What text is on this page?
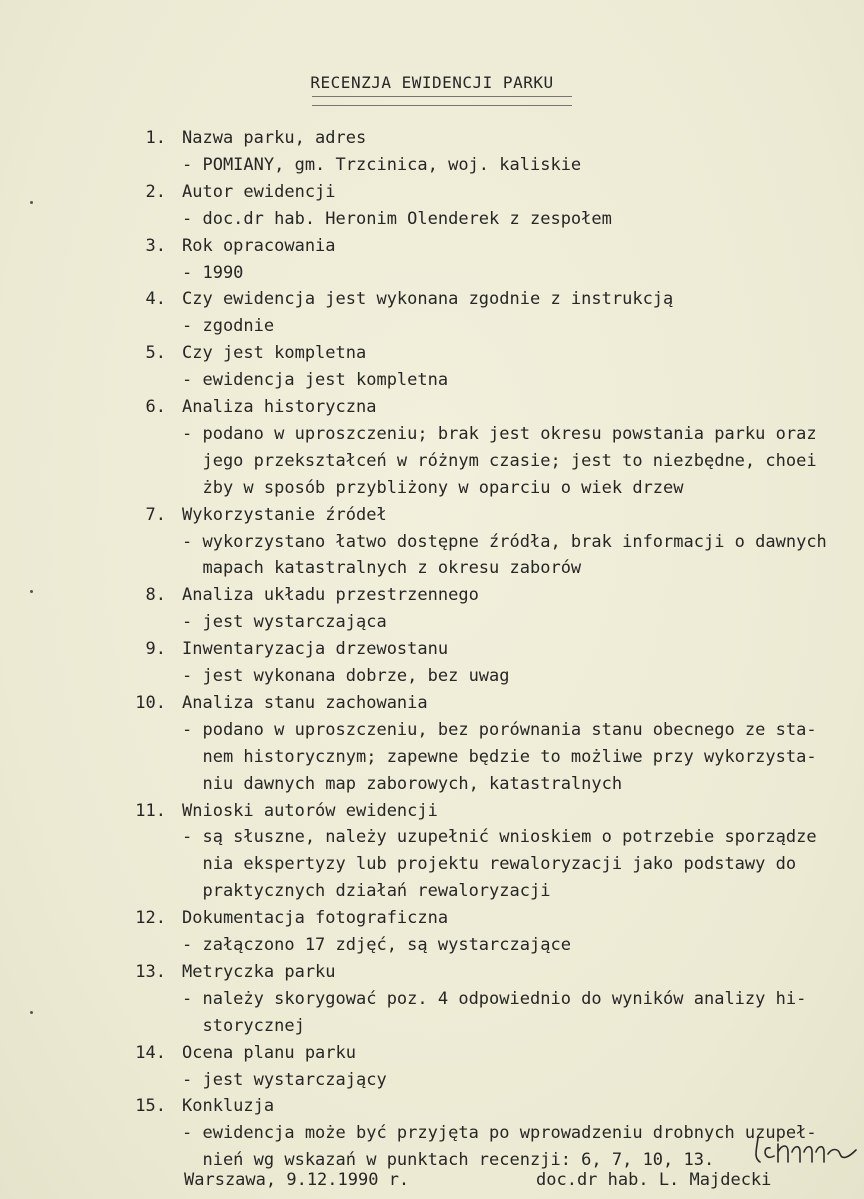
RECENZJA EWIDENCJI PARKU
1. Nazwa parku, adres
- POMIANY, gm. Trzcinica, woj. kaliskie
2. Autor ewidencji
- doc.dr hab. Heronim Olenderek z zespołem
3. Rok opracowania
- 1990
4. Czy ewidencja jest wykonana zgodnie z instrukcją
- zgodnie
5. Czy jest kompletna
- ewidencja jest kompletna
6. Analiza historyczna
- podano w uproszczeniu; brak jest okresu powstania parku oraz
jego przekształceń w różnym czasie; jest to niezbędne, choei
żby w sposób przybliżony w oparciu o wiek drzew
7. Wykorzystanie źródeł
- wykorzystano łatwo dostępne źródła, brak informacji o dawnych
mapach katastralnych z okresu zaborów
8. Analiza układu przestrzennego
- jest wystarczająca
9. Inwentaryzacja drzewostanu
- jest wykonana dobrze, bez uwag
10. Analiza stanu zachowania
- podano w uproszczeniu, bez porównania stanu obecnego ze sta-
nem historycznym; zapewne będzie to możliwe przy wykorzysta-
niu dawnych map zaborowych, katastralnych
11. Wnioski autorów ewidencji
- są słuszne, należy uzupełnić wnioskiem o potrzebie sporządze
nia ekspertyzy lub projektu rewaloryzacji jako podstawy do
praktycznych działań rewaloryzacji
12. Dokumentacja fotograficzna
- załączono 17 zdjęć, są wystarczające
13. Metryczka parku
- należy skorygować poz. 4 odpowiednio do wyników analizy hi-
storycznej
14. Ocena planu parku
- jest wystarczający
15. Konkluzja
- ewidencja może być przyjęta po wprowadzeniu drobnych uzupeł-
nień wg wskazań w punktach recenzji: 6, 7, 10, 13.
Warszawa, 9.12.1990 r.	doc.dr hab. L. Majdecki
